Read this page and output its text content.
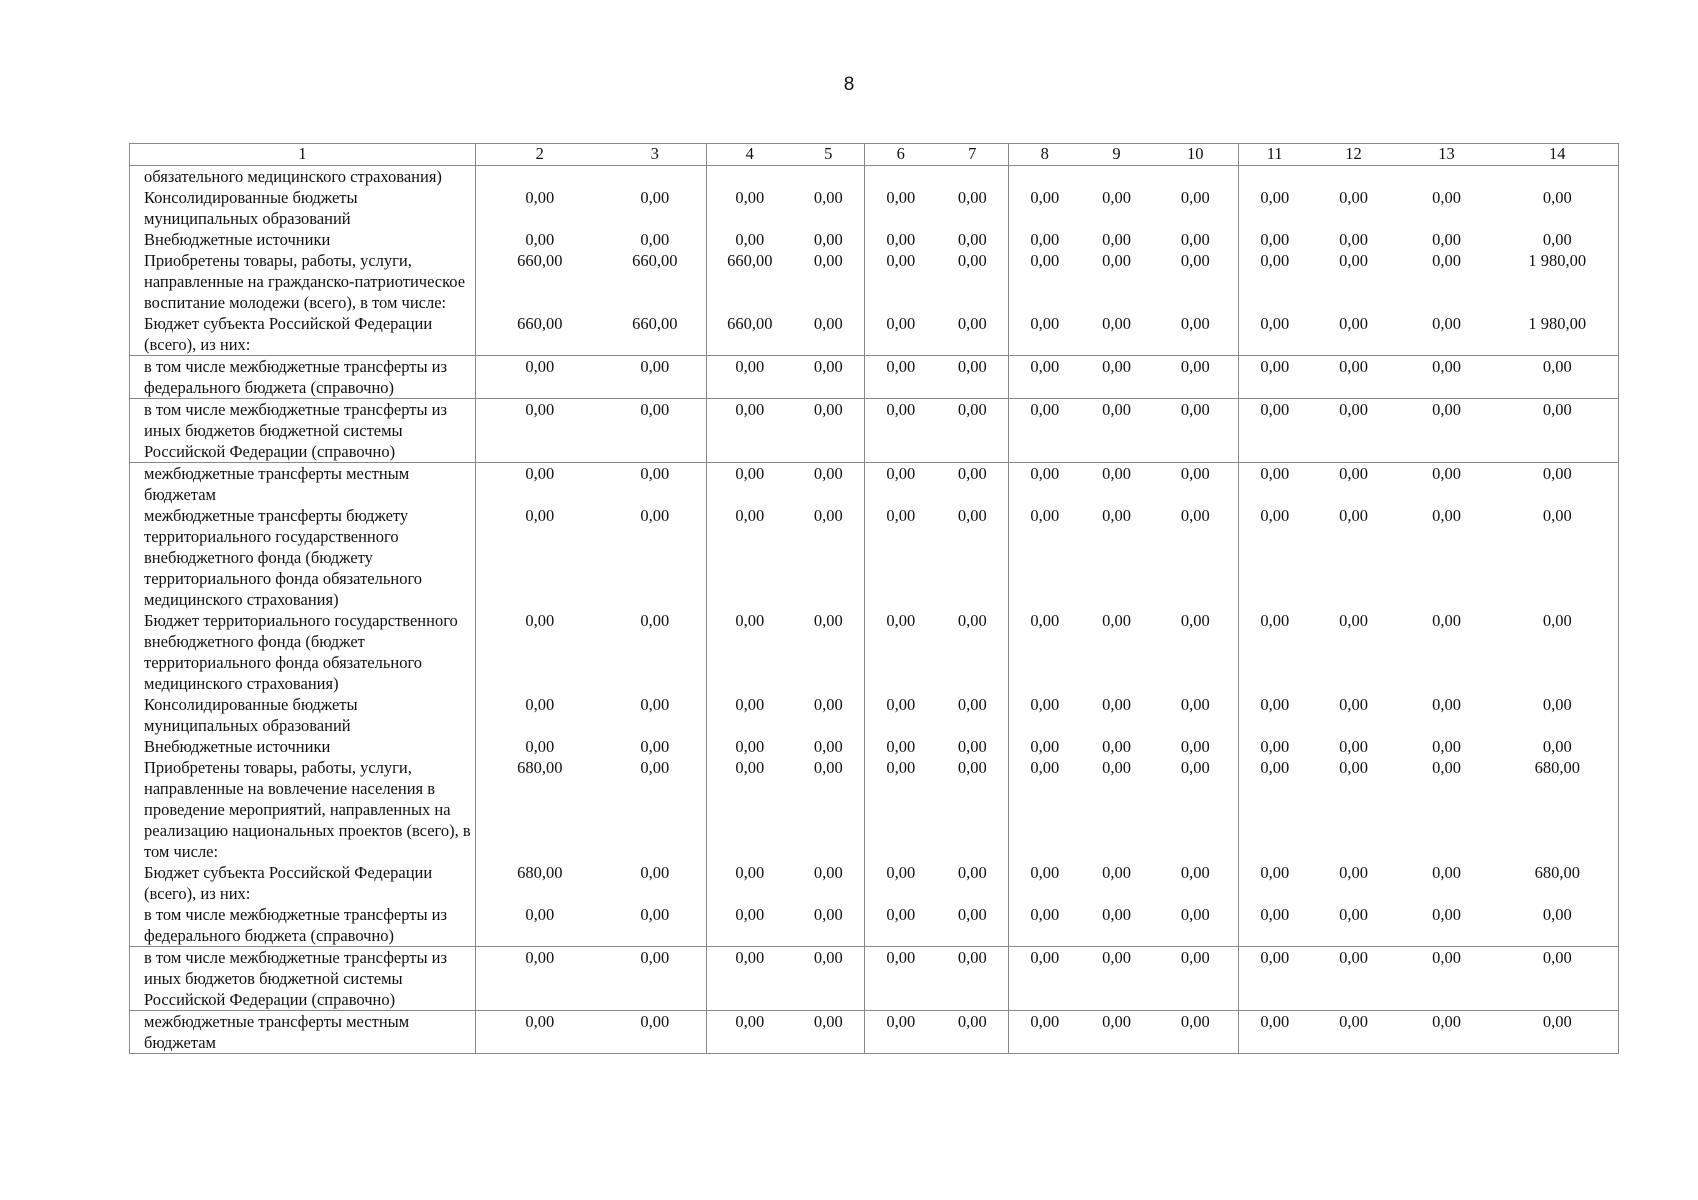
8
1	2	3	4	5	6	7	8	9	10	11	12	13	14
обязательного медицинского страхования)													
Консолидированные бюджеты муниципальных образований	0,00	0,00	0,00	0,00	0,00	0,00	0,00	0,00	0,00	0,00	0,00	0,00	0,00
Внебюджетные источники	0,00	0,00	0,00	0,00	0,00	0,00	0,00	0,00	0,00	0,00	0,00	0,00	0,00
Приобретены товары, работы, услуги, направленные на гражданско-патриотическое воспитание молодежи (всего), в том числе:	660,00	660,00	660,00	0,00	0,00	0,00	0,00	0,00	0,00	0,00	0,00	0,00	1 980,00
Бюджет субъекта Российской Федерации (всего), из них:	660,00	660,00	660,00	0,00	0,00	0,00	0,00	0,00	0,00	0,00	0,00	0,00	1 980,00
в том числе межбюджетные трансферты из федерального бюджета (справочно)	0,00	0,00	0,00	0,00	0,00	0,00	0,00	0,00	0,00	0,00	0,00	0,00	0,00
в том числе межбюджетные трансферты из иных бюджетов бюджетной системы Российской Федерации (справочно)	0,00	0,00	0,00	0,00	0,00	0,00	0,00	0,00	0,00	0,00	0,00	0,00	0,00
межбюджетные трансферты местным бюджетам	0,00	0,00	0,00	0,00	0,00	0,00	0,00	0,00	0,00	0,00	0,00	0,00	0,00
межбюджетные трансферты бюджету территориального государственного внебюджетного фонда (бюджету территориального фонда обязательного медицинского страхования)	0,00	0,00	0,00	0,00	0,00	0,00	0,00	0,00	0,00	0,00	0,00	0,00	0,00
Бюджет территориального государственного внебюджетного фонда (бюджет территориального фонда обязательного медицинского страхования)	0,00	0,00	0,00	0,00	0,00	0,00	0,00	0,00	0,00	0,00	0,00	0,00	0,00
Консолидированные бюджеты муниципальных образований	0,00	0,00	0,00	0,00	0,00	0,00	0,00	0,00	0,00	0,00	0,00	0,00	0,00
Внебюджетные источники	0,00	0,00	0,00	0,00	0,00	0,00	0,00	0,00	0,00	0,00	0,00	0,00	0,00
Приобретены товары, работы, услуги, направленные на вовлечение населения в проведение мероприятий, направленных на реализацию национальных проектов (всего), в том числе:	680,00	0,00	0,00	0,00	0,00	0,00	0,00	0,00	0,00	0,00	0,00	0,00	680,00
Бюджет субъекта Российской Федерации (всего), из них:	680,00	0,00	0,00	0,00	0,00	0,00	0,00	0,00	0,00	0,00	0,00	0,00	680,00
в том числе межбюджетные трансферты из федерального бюджета (справочно)	0,00	0,00	0,00	0,00	0,00	0,00	0,00	0,00	0,00	0,00	0,00	0,00	0,00
в том числе межбюджетные трансферты из иных бюджетов бюджетной системы Российской Федерации (справочно)	0,00	0,00	0,00	0,00	0,00	0,00	0,00	0,00	0,00	0,00	0,00	0,00	0,00
межбюджетные трансферты местным бюджетам	0,00	0,00	0,00	0,00	0,00	0,00	0,00	0,00	0,00	0,00	0,00	0,00	0,00
